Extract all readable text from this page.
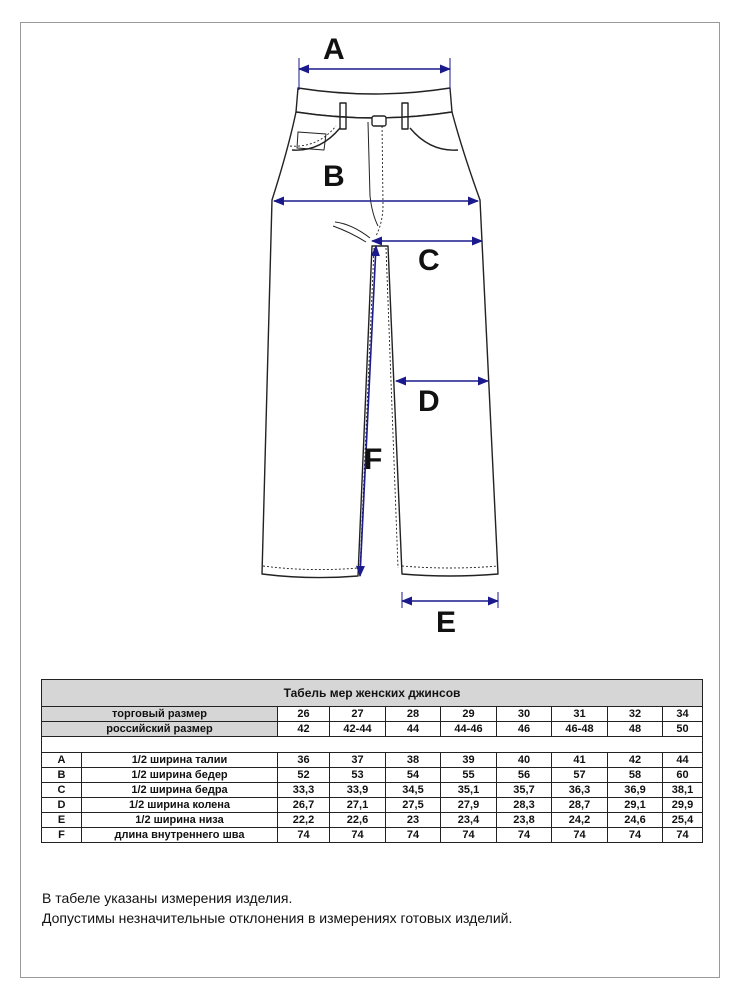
A
B
C
D
E
F
Табель мер женских джинсов									
торговый размер		26	27	28	29	30	31	32	34
российский размер		42	42-44	44	44-46	46	46-48	48	50

A	1/2 ширина талии	36	37	38	39	40	41	42	44
B	1/2 ширина бедер	52	53	54	55	56	57	58	60
C	1/2 ширина бедра	33,3	33,9	34,5	35,1	35,7	36,3	36,9	38,1
D	1/2 ширина колена	26,7	27,1	27,5	27,9	28,3	28,7	29,1	29,9
E	1/2 ширина низа	22,2	22,6	23	23,4	23,8	24,2	24,6	25,4
F	длина внутреннего шва	74	74	74	74	74	74	74	74
В табеле указаны измерения изделия.
Допустимы незначительные отклонения в измерениях готовых изделий.
